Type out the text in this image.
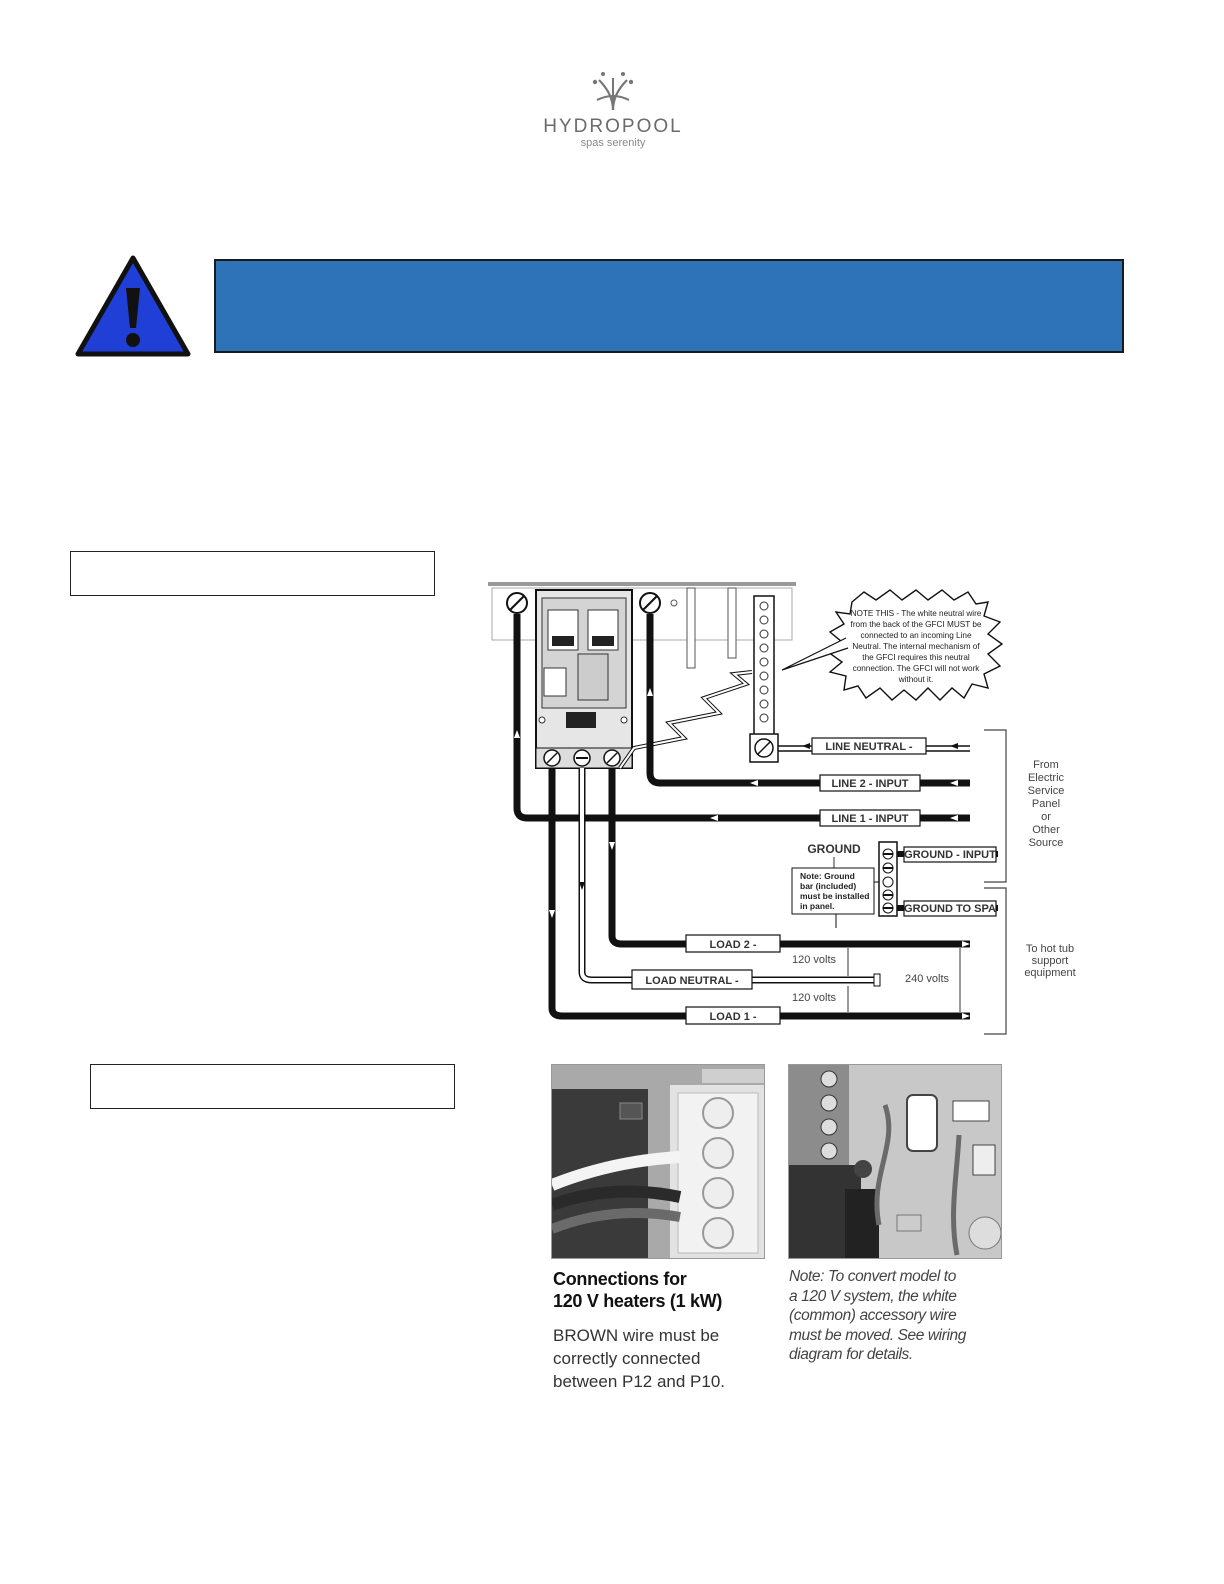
HYDROPOOL
spas serenity
NOTE THIS - The white neutral wire
from the back of the GFCI MUST be
connected to an incoming Line
Neutral. The internal mechanism of
the GFCI requires this neutral
connection. The GFCI will not work
without it.
LINE NEUTRAL -
LINE 2 - INPUT
LINE 1 - INPUT
GROUND
Note: Ground
bar (included)
must be installed
in panel.
GROUND - INPUT
GROUND TO SPA
LOAD 2 -
LOAD NEUTRAL -
LOAD 1 -
120 volts
120 volts
240 volts
From
Electric
Service
Panel
or
Other
Source
To hot tub
support
equipment
Connections for
120 V heaters (1 kW)
BROWN wire must be
correctly connected
between P12 and P10.
Note: To convert model to
a 120 V system, the white
(common) accessory wire
must be moved. See wiring
diagram for details.
